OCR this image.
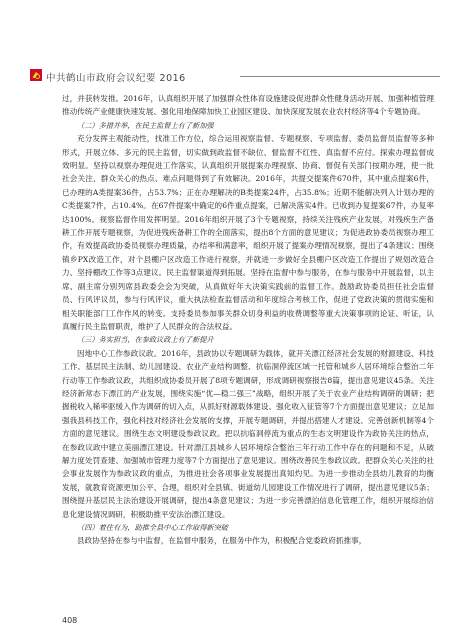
中共鹤山市政府会议纪要 2016

过，并获转发推。2016年，认真组织开展了加强群众性体育设施建设促进群众性健身活动开展、加强种植管理推动传统产业健康快速发展、强化用地保障加快工业园区建设、加快深度发展农业农村经济等4个专题协商。

（二）多措并举，在民主监督上有了新加强

充分发挥主观能动性，找准工作方位，综合运用视察监督、专题视察、专项监督、委员监督员监督等多种形式，开展立体、多元的民主监督，切实做到政监督不缺位、督监督不红性、真监督不应付。探索办理监督成效明显。坚持以视察办理促进工作落实，认真组织开展提案办理视察、协商、督促有关部门按期办理，使一批社会关注、群众关心的热点、难点问题得到了有效解决。2016年，共提交提案件670件，其中重点提案6件，已办理的A类提案36件，占53.7%；正在办理解决的B类提案24件，占35.8%；近期不能解决列入计划办理的C类提案7件，占10.4%。在67件提案中确定的6件重点提案，已解决落实4件。已收到办复提案67件，办复率达100%。视察监督作用发挥明显。2016年组织开展了3个专题视察，持续关注残疾产业发展，对残疾生产备耕工作开展专题视察，为促进残疾备耕工作的全面落实，提出8个方面的意见建议；为促进政协委员视察办理工作，有效提高政协委员视察办理质量，办结率和满意率，组织开展了提案办理情况视察，提出了4条建议；围绕镇乡PX改造工作，对个县棚户区改造工作进行视察，并就进一步做好全县棚户区改造工作提出了规划改造合力、坚持棚改工作等3点建议。民主监督渠道得到拓展。坚持在监督中参与服务，在参与服务中开展监督，以主席、副主席分别列席县政委会会为突破，从真做好年大决策实践前的监督工作。鼓励政协委员担任社会监督员、行风评议员，参与行风评议，重大执法检查监督活动和年度综合考核工作，促进了党政决策的贯彻实施和相关职能部门工作作风的转变。支持委员参加事关群众切身利益的收费调整等重大决策事项的论证、听证，认真履行民主监督职责，维护了人民群众的合法权益。

（三）务实担当，在参政议政上有了新提升

因地中心工作参政议政。2016年，县政协以专题调研为载体，就开关漂江经济社会发展的财源建设、科技工作、基层民主法制、幼儿园建设、农业产业结构调整、抗临洞停流区域一托管和城乡人居环境综合整治二年行动等工作参政议政，共组织成协委员开展了8项专题调研，形成调研视察报告8篇，提出意见建议45条。关注经济新常态下漂江的产业发展，围绕实施“优—稳二强三”战略，组织开展了关于农业产业结构调研的调研；把握税收入稀率驱缓入作为调研的切入点，从抓好财源载体建设、强化收入征管等7个方面提出意见建议；立足加强我县科技工作，强化科技对经济社会发展的支撑，开展专题调研，并提出搭建人才建设、完善创新机制等4个方面的意见建议。围绕生态文明建设参政议政。把以抗临洞停流为重点的生态文明建设作为政协关注的热点，在参政议政中建立美丽漂江建设。针对漂江县城乡人居环境综合整治三年行动工作中存在的问题和不足，从破解力度处罚查建、加强城市管理力度等7个方面提出了意见建议。围绕改善民生参政议政。把群众关心关注的社会事业发展作为参政议政的重点，为推进社会各项事业发展提出真知灼见。为进一步推动全县幼儿教育的均衡发展，就教育资源更加公平、合理，组织对全县镇、街道幼儿园建设工作情况进行了调研，提出意见建议5条；围绕提升基层民主法治建设开展调研，提出4条意见建议；为进一步完善漂泊信息化管理工作，组织开展综治信息化建设情况调研，积极助推平安法治漂江建设。

（四）着住有为，助推全县中心工作取得新突破

县政协坚持在参与中监督，在监督中服务，在服务中作为，积极配合党委政府抓推事，

408
